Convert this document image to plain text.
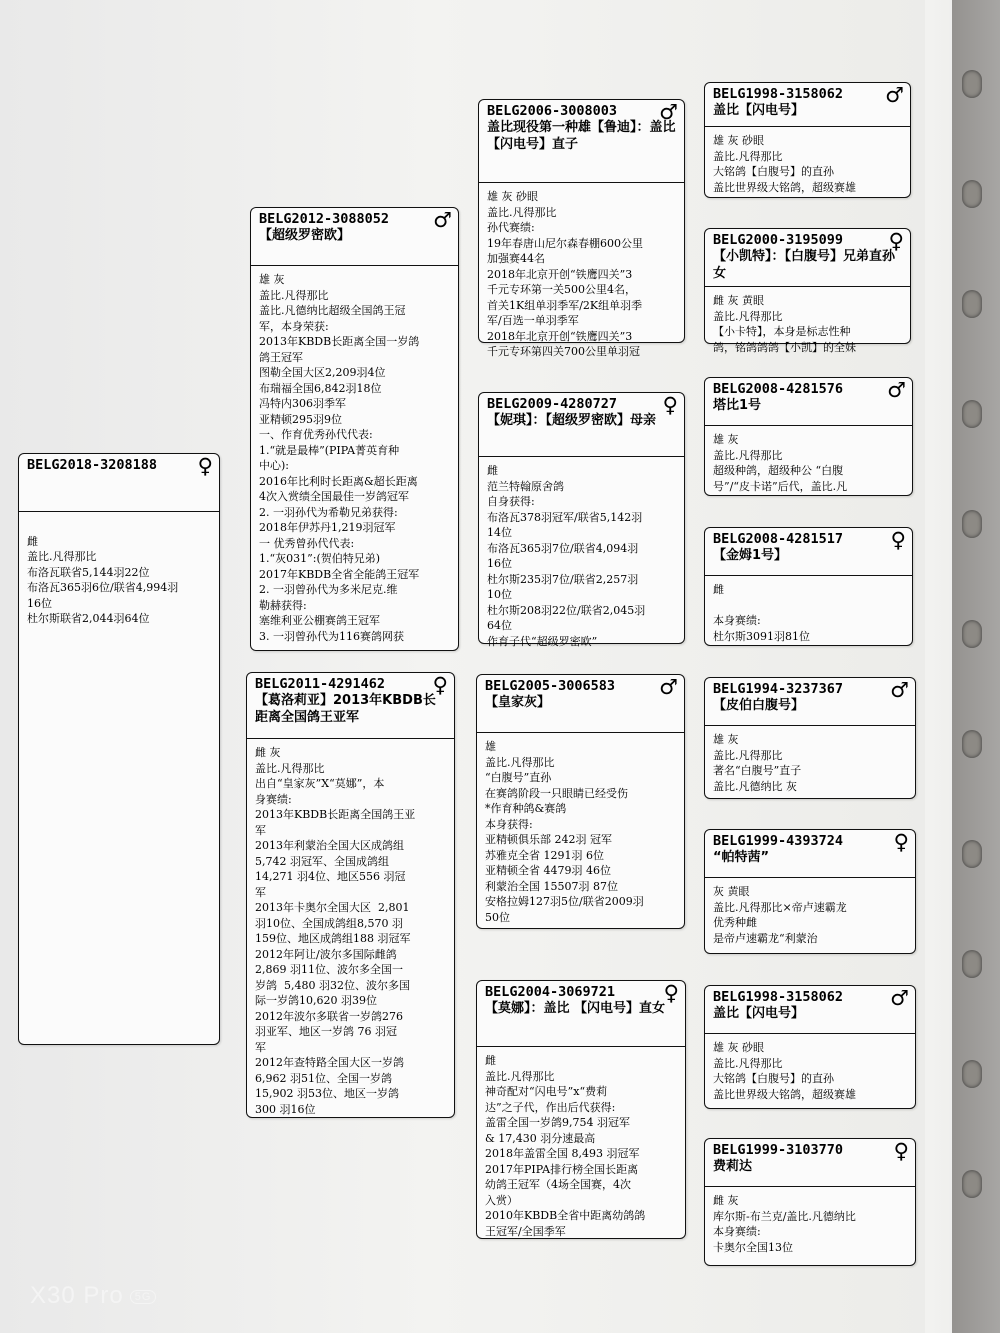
BELG2018-3208188	♀

雌
盖比.凡得那比
布洛瓦联省5,144羽22位
布洛瓦365羽6位/联省4,994羽
16位
杜尔斯联省2,044羽64位
BELG2012-3088052
【超级罗密欧】
♂
雄 灰
盖比.凡得那比
盖比.凡德纳比超级全国鸽王冠
军，本身荣获:
2013年KBDB长距离全国一岁鸽
鸽王冠军
图勒全国大区2,209羽4位
布瑞福全国6,842羽18位
冯特内306羽季军
亚精顿295羽9位
一、作育优秀孙代代表:
1.“就是最棒”(PIPA菁英育种
中心):
2016年比利时长距离&超长距离
4次入赏绩全国最佳一岁鸽冠军
2. 一羽孙代为希勒兄弟获得:
2018年伊苏丹1,219羽冠军
一 优秀曾孙代代表:
1.“灰031”:(贺伯特兄弟)
2017年KBDB全省全能鸽王冠军
2. 一羽曾孙代为多米尼克.维
勒赫获得:
塞维利亚公棚赛鸽王冠军
3. 一羽曾孙代为116赛鸽网获
BELG2011-4291462
【葛洛莉亚】2013年KBDB长距离全国鸽王亚军
♀
雌 灰
盖比.凡得那比
出自“皇家灰”X“莫娜”，本
身赛绩:
2013年KBDB长距离全国鸽王亚
军
2013年利蒙治全国大区成鸽组
5,742 羽冠军、全国成鸽组
14,271 羽4位、地区556 羽冠
军
2013年卡奥尔全国大区  2,801
羽10位、全国成鸽组8,570 羽
159位、地区成鸽组188 羽冠军
2012年阿让/波尔多国际雌鸽
2,869 羽11位、波尔多全国一
岁鸽  5,480 羽32位、波尔多国
际一岁鸽10,620 羽39位
2012年波尔多联省一岁鸽276
羽亚军、地区一岁鸽 76 羽冠
军
2012年查特路全国大区一岁鸽
6,962 羽51位、全国一岁鸽
15,902 羽53位、地区一岁鸽
300 羽16位
BELG2006-3008003
盖比现役第一种雄【鲁迪】：盖比【闪电号】直子
♂
雄 灰 砂眼
盖比.凡得那比
孙代赛绩:
19年春唐山尼尔森春棚600公里
加强赛44名
2018年北京开创“铁鹰四关”3
千元专环第一关500公里4名，
首关1K组单羽季军/2K组单羽季
军/百选一单羽季军
2018年北京开创“铁鹰四关”3
千元专环第四关700公里单羽冠
BELG2009-4280727
【妮琪】：【超级罗密欧】母亲
♀
雌
范兰特翰原舍鸽
自身获得:
布洛瓦378羽冠军/联省5,142羽
14位
布洛瓦365羽7位/联省4,094羽
16位
杜尔斯235羽7位/联省2,257羽
10位
杜尔斯208羽22位/联省2,045羽
64位
作育子代“超级罗密欧”
BELG2005-3006583
【皇家灰】
♂
雄
盖比.凡得那比
“白腹号”直孙
在赛鸽阶段一只眼睛已经受伤
*作育种鸽&赛鸽
本身获得:
亚精顿俱乐部 242羽 冠军
苏雅克全省 1291羽 6位
亚精顿全省 4479羽 46位
利蒙治全国 15507羽 87位
安格拉姆127羽5位/联省2009羽
50位
BELG2004-3069721
【莫娜】：盖比 【闪电号】直女
♀
雌
盖比.凡得那比
神奇配对“闪电号”x“费莉
达”之子代，作出后代获得:
盖雷全国一岁鸽9,754 羽冠军
& 17,430 羽分速最高
2018年盖雷全国 8,493 羽冠军
2017年PIPA排行榜全国长距离
幼鸽王冠军（4场全国赛，4次
入赏）
2010年KBDB全省中距离幼鸽鸽
王冠军/全国季军
BELG1998-3158062
盖比【闪电号】
♂
雄 灰 砂眼
盖比.凡得那比
大铭鸽【白腹号】的直孙
盖比世界级大铭鸽，超级赛雄
BELG2000-3195099
【小凯特】：【白腹号】兄弟直孙女
♀
雌 灰 黄眼
盖比.凡得那比
【小卡特】，本身是标志性种
鸽，铭鸽鸽鸽【小凯】的全妹
BELG2008-4281576
塔比1号
♂
雄 灰
盖比.凡得那比
超级种鸽，超级种公 “白腹
号”/“皮卡诺”后代，盖比.凡
BELG2008-4281517
【金姆1号】
♀
雌

本身赛绩:
杜尔斯3091羽81位
BELG1994-3237367
【皮伯白腹号】
♂
雄 灰
盖比.凡得那比
著名“白腹号”直子
盖比.凡德纳比 灰
BELG1999-4393724
“帕特茜”
♀
灰 黄眼
盖比.凡得那比×帝卢速霸龙
优秀种雌
是帝卢速霸龙“利蒙治
BELG1998-3158062
盖比【闪电号】
♂
雄 灰 砂眼
盖比.凡得那比
大铭鸽【白腹号】的直孙
盖比世界级大铭鸽，超级赛雄
BELG1999-3103770
费莉达
♀
雌 灰
库尔斯-布兰克/盖比.凡德纳比
本身赛绩:
卡奥尔全国13位
X30 Pro 5G
